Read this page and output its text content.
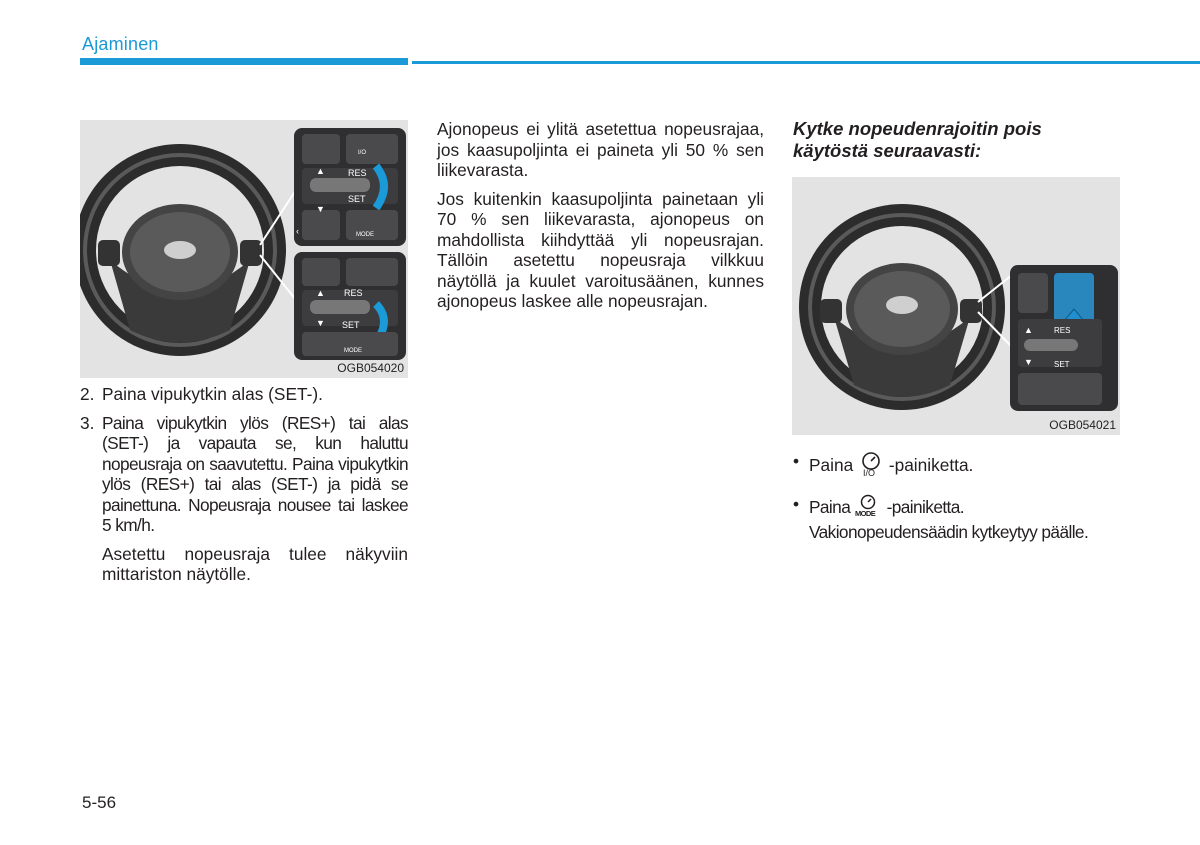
Ajaminen
▲
▼
RES
SET
I/O
MODE
‹
▲
▼
RES
SET
MODE
OGB054020
2. Paina vipukytkin alas (SET-).
3. Paina vipukytkin ylös (RES+) tai alas (SET-) ja vapauta se, kun haluttu nopeusraja on saavutettu. Paina vipukytkin ylös (RES+) tai alas (SET-) ja pidä se painettuna. Nopeusraja nousee tai laskee 5 km/h.

Asetettu nopeusraja tulee näkyviin mittariston näytölle.

Ajonopeus ei ylitä asetettua nopeusrajaa, jos kaasupoljinta ei paineta yli 50 % sen liikevarasta.

Jos kuitenkin kaasupoljinta painetaan yli 70 % sen liikevarasta, ajonopeus on mahdollista kiihdyttää yli nopeusrajan. Tällöin asetettu nopeusraja vilkkuu näytöllä ja kuulet varoitusäänen, kunnes ajonopeus laskee alle nopeusrajan.

Kytke nopeudenrajoitin pois käytöstä seuraavasti:
▲
▼
RES
SET
OGB054021
• Paina I/O -painiketta.
• Paina MODE -painiketta. Vakionopeudensäädin kytkeytyy päälle.
5-56
